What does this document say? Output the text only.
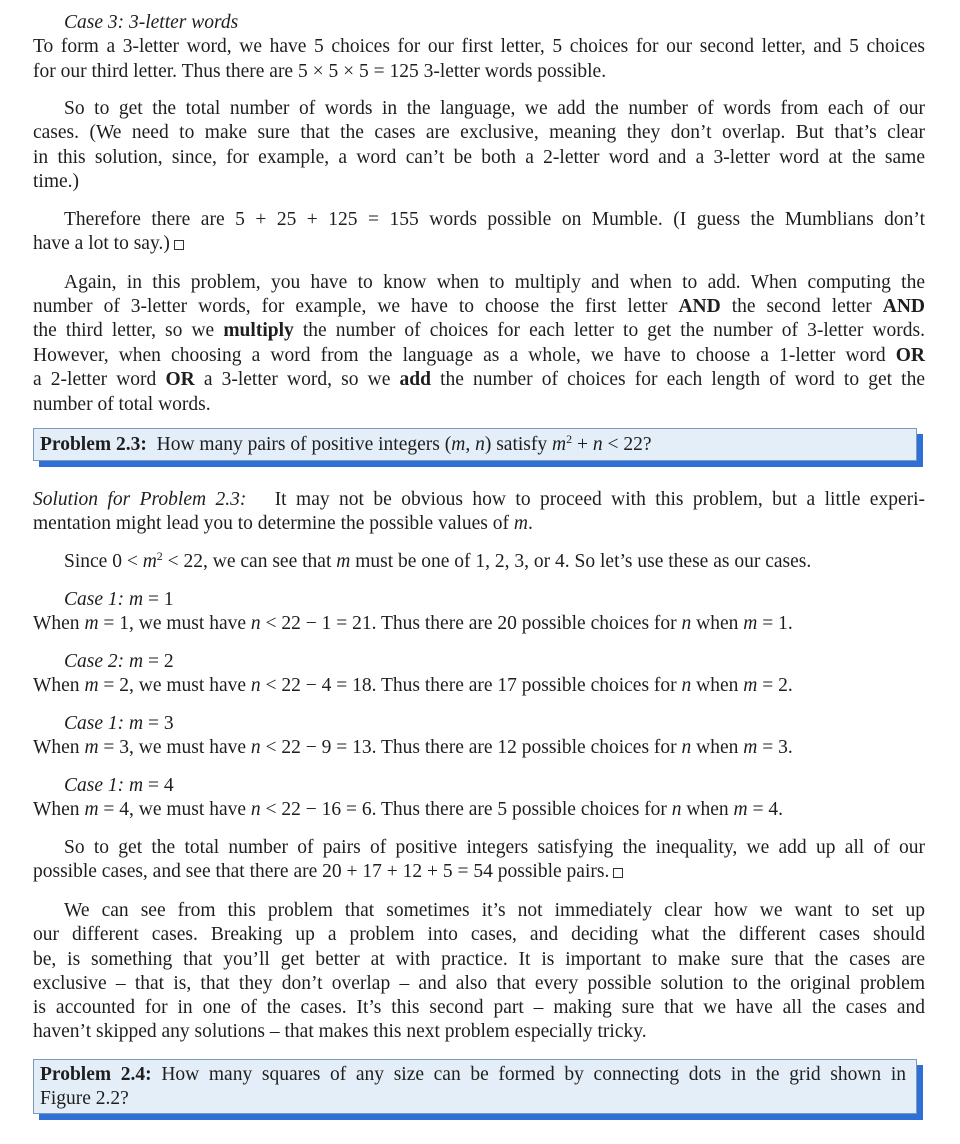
Case 3: 3-letter words
To form a 3-letter word, we have 5 choices for our first letter, 5 choices for our second letter, and 5 choices
for our third letter. Thus there are 5 × 5 × 5 = 125 3-letter words possible.
So to get the total number of words in the language, we add the number of words from each of our
cases. (We need to make sure that the cases are exclusive, meaning they don’t overlap. But that’s clear
in this solution, since, for example, a word can’t be both a 2-letter word and a 3-letter word at the same
time.)
Therefore there are 5 + 25 + 125 = 155 words possible on Mumble. (I guess the Mumblians don’t
have a lot to say.)
Again, in this problem, you have to know when to multiply and when to add. When computing the
number of 3-letter words, for example, we have to choose the first letter AND the second letter AND
the third letter, so we multiply the number of choices for each letter to get the number of 3-letter words.
However, when choosing a word from the language as a whole, we have to choose a 1-letter word OR
a 2-letter word OR a 3-letter word, so we add the number of choices for each length of word to get the
number of total words.
Problem 2.3: How many pairs of positive integers (m, n) satisfy $m^2 + n < 22$?
Solution for Problem 2.3: It may not be obvious how to proceed with this problem, but a little experi-
mentation might lead you to determine the possible values of m.
Since $0 < m^2 < 22$, we can see that m must be one of 1, 2, 3, or 4. So let’s use these as our cases.
Case 1: m = 1
When m = 1, we must have n < 22 − 1 = 21. Thus there are 20 possible choices for n when m = 1.
Case 2: m = 2
When m = 2, we must have n < 22 − 4 = 18. Thus there are 17 possible choices for n when m = 2.
Case 1: m = 3
When m = 3, we must have n < 22 − 9 = 13. Thus there are 12 possible choices for n when m = 3.
Case 1: m = 4
When m = 4, we must have n < 22 − 16 = 6. Thus there are 5 possible choices for n when m = 4.
So to get the total number of pairs of positive integers satisfying the inequality, we add up all of our
possible cases, and see that there are 20 + 17 + 12 + 5 = 54 possible pairs.
We can see from this problem that sometimes it’s not immediately clear how we want to set up
our different cases. Breaking up a problem into cases, and deciding what the different cases should
be, is something that you’ll get better at with practice. It is important to make sure that the cases are
exclusive – that is, that they don’t overlap – and also that every possible solution to the original problem
is accounted for in one of the cases. It’s this second part – making sure that we have all the cases and
haven’t skipped any solutions – that makes this next problem especially tricky.
Problem 2.4: How many squares of any size can be formed by connecting dots in the grid shown in
Figure 2.2?
